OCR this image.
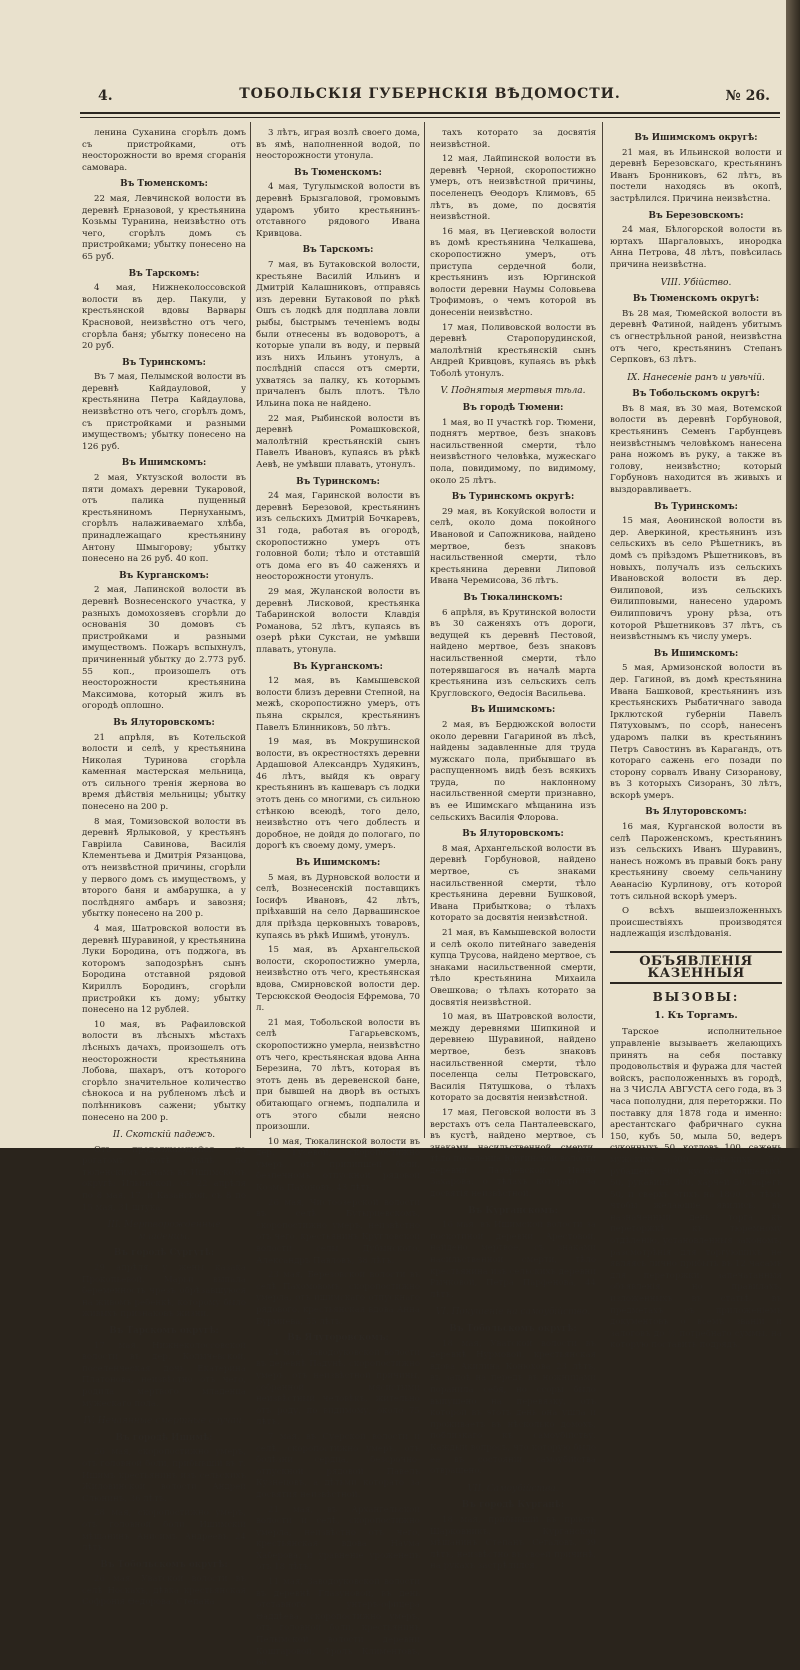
4.	ТОБОЛЬСКІЯ ГУБЕРНСКІЯ ВѢДОМОСТИ.	№ 26.

ленина Суханина сгорѣлъ домъ съ пристройками, отъ неосторожности во время сгоранія самовара.

Въ Тюменскомъ:

22 мая, Левчинской волости въ деревнѣ Ерназовой, у крестьянина Козьмы Туранина, неизвѣстно отъ чего, сгорѣлъ домъ съ пристройками; убытку понесено на 65 руб.

Въ Тарскомъ:

4 мая, Нижнеколоссовской волости въ дер. Пакули, у крестьянской вдовы Варвары Красновой, неизвѣстно отъ чего, сгорѣла баня; убытку понесено на 20 руб.

Въ Туринскомъ:

Въ 7 мая, Пелымской волости въ деревнѣ Кайдауловой, у крестьянина Петра Кайдаулова, неизвѣстно отъ чего, сгорѣлъ домъ, съ пристройками и разными имуществомъ; убытку понесено на 126 руб.

Въ Ишимскомъ:

2 мая, Уктузской волости въ пяти домахъ деревни Тукаровой, отъ палика пущенный крестьяниномъ Пернуханымъ, сгорѣлъ налаживаемаго хлѣба, принадлежащаго крестьянину Антону Шмыгорову; убытку понесено на 26 руб. 40 коп.

Въ Курганскомъ:

2 мая, Лапинской волости въ деревнѣ Вознесенского участка, у разныхъ домохозяевъ сгорѣли до основанія 30 домовъ съ пристройками и разными имуществомъ. Пожаръ вспыхнулъ, причиненный убытку до 2.773 руб. 55 коп., произошелъ отъ неосторожности крестьянина Максимова, который жилъ въ огородѣ оплошно.

Въ Ялуторовскомъ:

21 апрѣля, въ Котельской волости и селѣ, у крестьянина Николая Туринова сгорѣла каменная мастерская мельница, отъ сильного тренія жернова во время дѣйствія мельницы; убытку понесено на 200 р.

8 мая, Томизовской волости въ деревнѣ Ярлыковой, у крестьянъ Гавріила Савинова, Василія Клементьева и Дмитрія Рязанцова, отъ неизвѣстной причины, сгорѣли у первого домъ съ имуществомъ, у второго баня и амбарушка, а у послѣдняго амбаръ и завозня; убытку понесено на 200 р.

4 мая, Шатровской волости въ деревнѣ Шуравиной, у крестьянина Луки Бородина, отъ поджога, въ которомъ заподозрѣнъ сынъ Бородина отставной рядовой Кириллъ Бородинъ, сгорѣли пристройки къ дому; убытку понесено на 12 рублей.

10 мая, въ Рафаиловской волости въ лѣсныхъ мѣстахъ лѣсныхъ дачахъ, произошелъ отъ неосторожности крестьянина Лобова, шахаръ, отъ которого сгорѣло значительное количество сѣнокоса и на рубленомъ лѣсѣ и полѣнниковъ сажени; убытку понесено на 200 р.

II. Скотскій падежъ.

Отъ продолжающейся на рогатомъ скотѣ былѣ по тюленскимъ дачамъ въ Ишимскомъ округѣ: Ильинской, съ 22 апрѣля по 8 мая, 17, и Казанской, съ 8 по 15 мая, 31 штука.

III. Мертворожденные младенцы.
Въ городѣ Сургутѣ:

29 апрѣля, у жены казака Прокопьевой, Марьи выпала беременность чрезъ обрѣзавшуюся на живомъ ребенкѣ; которому было живыхъ признаковъ жизни.

Въ Тарскомъ округѣ:

17 мая, Нижнеколоссовской волости въ дер. Колычевской, поселенческая дочь Екатерина Платонова, неизвѣстно отъ чего, родила мертвого младенца мужескаго пола.

IV. Нечаянные смертные случаи.
Въ городѣ Ишимѣ:

26 мая, скоропостижно умеръ, отъ головной боли, прибывшій въ г. Ишимъ крестьянинъ изъ сельскихъ Жиловинской волости Андрей Слюнинъ, 36 лѣтъ.

28 мая, скоропостижно умеръ, отъ головной боли, Ишимскій мѣщанинъ Анисимъ Андреевъ 24 лѣтъ.

Въ Тобольскомъ округѣ:

26 мая, Уватской волости въ селѣ Носкахъ, дѣвка крестьянская Софронія Ѳедорова, Степана

3 лѣтъ, играя возлѣ своего дома, въ ямѣ, наполненной водой, по неосторожности утонула.

Въ Тюменскомъ:

4 мая, Тугулымской волости въ деревнѣ Брызгаловой, громовымъ ударомъ убито крестьянинъ-отставного рядового Ивана Кривцова.

Въ Тарскомъ:

7 мая, въ Бутаковской волости, крестьяне Василій Ильинъ и Дмитрій Калашниковъ, отправясь изъ деревни Бутаковой по рѣкѣ Ошъ съ лодкѣ для подплава ловли рыбы, быстрымъ теченіемъ воды были отнесены въ водоворотъ, а которые упали въ воду, и первый изъ нихъ Ильинъ утонулъ, а послѣдній спасся отъ смерти, ухватясь за палку, къ которымъ причаленъ былъ плотъ. Тѣло Ильина пока не найдено.

22 мая, Рыбинской волости въ деревнѣ Ромашковской, малолѣтній крестьянскій сынъ Павелъ Ивановъ, купаясь въ рѣкѣ Аевѣ, не умѣвши плавать, утонулъ.

Въ Туринскомъ:

24 мая, Гаринской волости въ деревнѣ Березовой, крестьянинъ изъ сельскихъ Дмитрій Бочкаревъ, 31 года, работая въ огородѣ, скоропостижно умеръ отъ головной боли; тѣло и отставшій отъ дома его въ 40 саженяхъ и неосторожности утонулъ.

29 мая, Жуланской волости въ деревнѣ Лисковой, крестьянка Табаринской волости Клавдія Романова, 52 лѣтъ, купаясь въ озерѣ рѣки Сукстаи, не умѣвши плавать, утонула.

Въ Курганскомъ:

12 мая, въ Камышевской волости близъ деревни Степной, на межѣ, скоропостижно умеръ, отъ пьяна скрылся, крестьянинъ Павелъ Блинниковъ, 50 лѣтъ.

19 мая, въ Мокрушинской волости, въ окрестностяхъ деревни Ардашовой Александръ Худякинъ, 46 лѣтъ, выйдя къ оврагу крестьянинъ въ кашеваръ съ лодки этотъ день со многими, съ сильною стѣнкою всеюдѣ, того дело, неизвѣстно отъ чего доблесть и доробное, не дойдя до пологаго, по дорогѣ къ своему дому, умеръ.

Въ Ишимскомъ:

5 мая, въ Дурновской волости и селѣ, Вознесенскій поставщикъ Іосифъ Ивановъ, 42 лѣтъ, пріѣхавшій на село Дарвашинское для пріѣзда церковныхъ товаровъ, купаясь въ рѣкѣ Ишимѣ, утонулъ.

15 мая, въ Архангельской волости, скоропостижно умерла, неизвѣстно отъ чего, крестьянская вдова, Смирновской волости дер. Терсюкской Ѳеодосія Ефремова, 70 л.

21 мая, Тобольской волости въ селѣ Гагарьевскомъ, скоропостижно умерла, неизвѣстно отъ чего, крестьянская вдова Анна Березина, 70 лѣтъ, которая въ этотъ день въ деревенской бане, при бывшей на дворѣ въ остыхъ обитающаго огнемъ, подпалила и отъ этого сбыли неясно произошли.

10 мая, Тюкалинской волости въ дер. Гусевой, скоропостижно умеръ, отъ прилипшей боли, безпечномъ отпускной рядовой Козма Пахоновъ, 43 лѣтъ.

26 мая, Чистоозерской волости въ селѣ Бутырцевскомъ, скоропостижно умеръ, неизвѣстно отъ чего, крестьянинъ Кругловской волости селы Дубынского, Александръ Павловъ, 38 лѣтъ.

23 мая, Березовской волости въ селѣ Пахомовомъ, скоропостижно умерла, отъ ишимскаго отпускнаго рядового, крестьянская вдова Анна Бурмиева, 55 лѣтъ.

Въ Ялуторовскомъ:

24 мая, Заводоуковской волости въ деревнѣ Падунѣ, скоропостижно умеръ, отъ неизвѣстной причины, собранной мясистыми неизвѣстный человѣкъ, жительно отъ роду, по видимому, около 75 лѣтъ.

7 мая, въ Суерской волости и селѣ, скоропостижно умеръ, отъ болѣзни сердца, безсрочно-отпускной рядовой Павелъ Кузнецовъ, а дѣтьми которато за досвятия неизвѣстной.

21 мая, въ Архангельской волости и селѣ, скоропостижно умерла, неизвѣстно отъ чего, крестьянская вдова Наума Хаберова, и уравненіе уроженецъ отъ 18 лѣтъ.

11 мая, Заводоуковской волости въ деревнѣ Глазуновой, въ день отставного унтеръ-офицера Ѳаддѣева, скоропостижно умеръ, отъ головной боли, крестьянинъ Пелымской волости деревни Кошгаровой, Фролъ Климентовъ, 66

тахъ которато за досвятія неизвѣстной.

12 мая, Лайпинской волости въ деревнѣ Черной, скоропостижно умеръ, отъ неизвѣстной причины, поселенецъ Ѳеодоръ Климовъ, 65 лѣтъ, въ доме, по досвятія неизвѣстной.

16 мая, въ Цегиевской волости въ домѣ крестьянина Челкашева, скоропостижно умеръ, отъ приступа сердечной боли, крестьянинъ изъ Юргинской волости деревни Наумы Соловьева Трофимовъ, о чемъ которой въ донесеніи неизвѣстно.

17 мая, Поливовской волости въ деревнѣ Старопорудинской, малолѣтній крестьянскій сынъ Андрей Кривцовъ, купаясь въ рѣкѣ Тоболѣ утонулъ.

V. Поднятыя мертвыя тѣла.
Въ городѣ Тюмени:

1 мая, во II участкѣ гор. Тюмени, поднятъ мертвое, безъ знаковъ насильственной смерти, тѣло неизвѣстного человѣка, мужескаго пола, повидимому, по видимому, около 25 лѣтъ.

Въ Туринскомъ округѣ:

29 мая, въ Кокуйской волости и селѣ, около дома покойного Ивановой и Сапожникова, найдено мертвое, безъ знаковъ насильственной смерти, тѣло крестьянина деревни Липовой Ивана Черемисова, 36 лѣтъ.

Въ Тюкалинскомъ:

6 апрѣля, въ Крутинской волости въ 30 саженяхъ отъ дороги, ведущей къ деревнѣ Пестовой, найдено мертвое, безъ знаковъ насильственной смерти, тѣло потерявшагося въ началѣ марта крестьянина изъ сельскихъ селъ Кругловского, Ѳедосія Васильева.

Въ Ишимскомъ:

2 мая, въ Бердюжской волости около деревни Гагариной въ лѣсѣ, найдены задавленные для труда мужскаго пола, прибывшаго въ распущенномъ видѣ безъ всякихъ труда, по наклонному насильственной смерти признавно, въ ее Ишимскаго мѣщанина изъ сельскихъ Василія Флорова.

Въ Ялуторовскомъ:

8 мая, Архангельской волости въ деревнѣ Горбуновой, найдено мертвое, съ знаками насильственной смерти, тѣло крестьянина деревни Бушковой, Ивана Прибыткова; о тѣлахъ которато за досвятія неизвѣстной.

21 мая, въ Камышевской волости и селѣ около питейнаго заведенія купца Трусова, найдено мертвое, съ знаками насильственной смерти, тѣло крестьянина Михаила Овешкова; о тѣлахъ которато за досвятія неизвѣстной.

10 мая, въ Шатровской волости, между деревнями Шипкиной и деревнею Шуравиной, найдено мертвое, безъ знаковъ насильственной смерти, тѣло поселенца селы Петровскаго, Василія Пятушкова, о тѣлахъ которато за досвятія неизвѣстной.

17 мая, Пеговской волости въ 3 верстахъ отъ села Панталеевскаго, въ кустѣ, найдено мертвое, съ знаками насильственной смерти, тѣло поселенца Юргинской волости деревни Лазаревской, Ивана Захарова; о тѣлахъ которато за досвятія неизвѣстной.

Въ Курганскомъ:

16 мая, въ Ишимской волости за поскотиной деревни Арестовой, найдено мертвое, съ знаками насильственной смерти, тѣло крестьянина изъ сельскихъ деревни Рычковой, Петра Парфенова, 44 лѣтъ.

VI. Покушеніе на самоубійство.
Въ Тобольскомъ округѣ:

18 мая, Уватской волости въ деревнѣ Нурмовой, крестьянская вдова Акилина Конюхова 23 лѣтъ, въ запоѣ на передъ въ ножницами поранила себя, но ссоры было выпущено на перевязку, отъ которой въ этотъ день она ушла и проживаетъ въ нѣсколько домохъ, поблизкаго къ самоубійству. Каждый вопросъ, что которую было ее въ состояніи самоубійства отвращено.

VII. Самоубійства.
Въ городѣ Курганѣ:

18 мая, прибывшій въ пріютъ Шарковникъ, Курганской мѣщанинъ Степанъ Сегаловъ, 39 лѣтъ, неизвѣстно въ своей причинѣ, на рукахъ застрѣлился.

Въ Ишимскомъ округѣ:

21 мая, въ Ильинской волости и деревнѣ Березовскаго, крестьянинъ Иванъ Бронниковъ, 62 лѣтъ, въ постели находясь въ окопѣ, застрѣлился. Причина неизвѣстна.

Въ Березовскомъ:

24 мая, Бѣлогорской волости въ юртахъ Шаргаловыхъ, инородка Анна Петрова, 48 лѣтъ, повѣсилась причина неизвѣстна.

VIII. Убійство.
Въ Тюменскомъ округѣ:

Въ 28 мая, Тюмейской волости въ деревнѣ Фатиной, найденъ убитымъ съ огнестрѣльной раной, неизвѣстна отъ чего, крестьянинъ Степанъ Серпковъ, 63 лѣтъ.

IX. Нанесеніе ранъ и увѣчій.
Въ Тобольскомъ округѣ:

Въ 8 мая, въ 30 мая, Вотемской волости въ деревнѣ Горбуновой, крестьянинъ Семенъ Гарбунцевъ неизвѣстнымъ человѣкомъ нанесена рана ножомъ въ руку, а также въ голову, неизвѣстно; который Горбуновъ находится въ живыхъ и выздоравливаетъ.

Въ Туринскомъ:

15 мая, Аѳонинской волости въ дер. Аверкиной, крестьянинъ изъ сельскихъ въ село Рѣшетникъ, въ домѣ съ пріѣздомъ Рѣшетниковъ, въ новыхъ, получалъ изъ сельскихъ Ивановской волости въ дер. Ѳилиповой, изъ сельскихъ Ѳилипповыми, нанесено ударомъ Ѳилипповичъ урону рѣза, отъ которой Рѣшетниковъ 37 лѣтъ, съ неизвѣстнымъ къ числу умеръ.

Въ Ишимскомъ:

5 мая, Армизонской волости въ дер. Гагиной, въ домѣ крестьянина Ивана Башковой, крестьянинъ изъ крестьянскихъ Рыбатичнаго завода Ірклютской губерніи Павелъ Пятуховымъ, по ссорѣ, нанесенъ ударомъ палки въ крестьянинъ Петръ Савостинъ въ Карагандъ, отъ котораго сажень его позади по сторону сорвалъ Ивану Сизоранову, въ 3 которыхъ Сизоранъ, 30 лѣтъ, вскорѣ умеръ.

Въ Ялуторовскомъ:

16 мая, Курганской волости въ селѣ Пароженскомъ, крестьянинъ изъ сельскихъ Иванъ Шуравинъ, нанесъ ножомъ въ правый бокъ рану крестьянину своему сельчанину Аѳанасію Курлинову, отъ которой тотъ сильной вскорѣ умеръ.

О всѣхъ вышеизложенныхъ происшествіяхъ производятся надлежащія изслѣдованія.

ОБЪЯВЛЕНІЯ КАЗЕННЫЯ
ВЫЗОВЫ:
1. Къ Торгамъ.

Тарское исполнительное управленіе вызываетъ желающихъ принять на себя поставку продовольствія и фуража для частей войскъ, расположенныхъ въ городѣ, на 3 ЧИСЛА АВГУСТА сего года, въ 3 часа пополудни, для переторжки. По поставку для 1878 года и именно: арестантскаго фабричнаго сукна 150, кубъ 50, мыла 50, ведеръ суконныхъ 50, котловъ 100, сажень мужскихъ 300, женскихъ 50, рубашекъ 300, кусковъ холщевыхъ 50, рукавицъ 300, харчей 50, варегъ 50, и сверхъ этихъ на 1800 съ тѣмъ чтобы желающіе явились, въ назначенный день торга къ переторжкѣ къ тюремному отдѣленію, установленныя закономъ, разсмотрѣнія для торгующихъ не являясь лично прибыть въ 12 часамъ для переторжки запечатанныя объявленія, но правилахъ, изложенныхъ въ статьѣ, въ предметахъ съ приложеніемъ документовъ о всемъ званіи и залоговъ до ½ потребнаго суммы, на которую поставить подрядъ.
